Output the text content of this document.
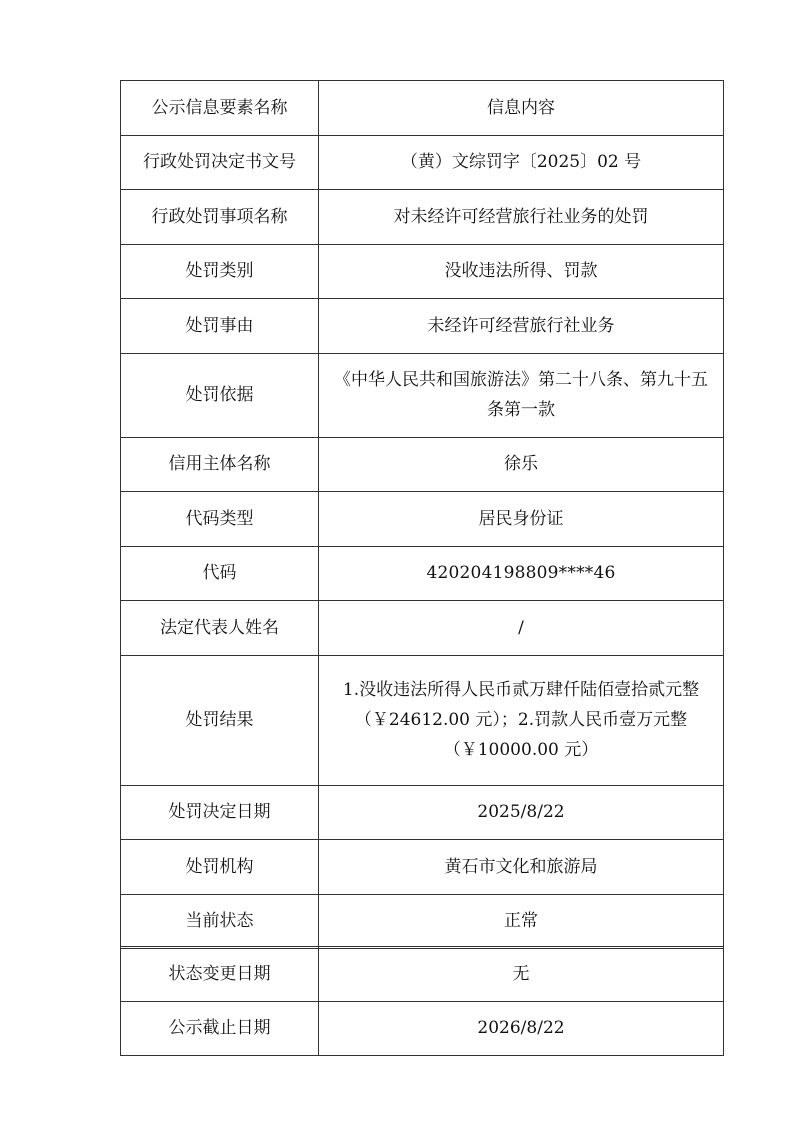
公示信息要素名称	信息内容
行政处罚决定书文号	（黄）文综罚字〔2025〕02 号
行政处罚事项名称	对未经许可经营旅行社业务的处罚
处罚类别	没收违法所得、罚款
处罚事由	未经许可经营旅行社业务
处罚依据	《中华人民共和国旅游法》第二十八条、第九十五条第一款
信用主体名称	徐乐
代码类型	居民身份证
代码	420204198809****46
法定代表人姓名	/
处罚结果	1.没收违法所得人民币贰万肆仟陆佰壹拾贰元整（￥24612.00 元）；2.罚款人民币壹万元整（￥10000.00 元）
处罚决定日期	2025/8/22
处罚机构	黄石市文化和旅游局
当前状态	正常
状态变更日期	无
公示截止日期	2026/8/22
